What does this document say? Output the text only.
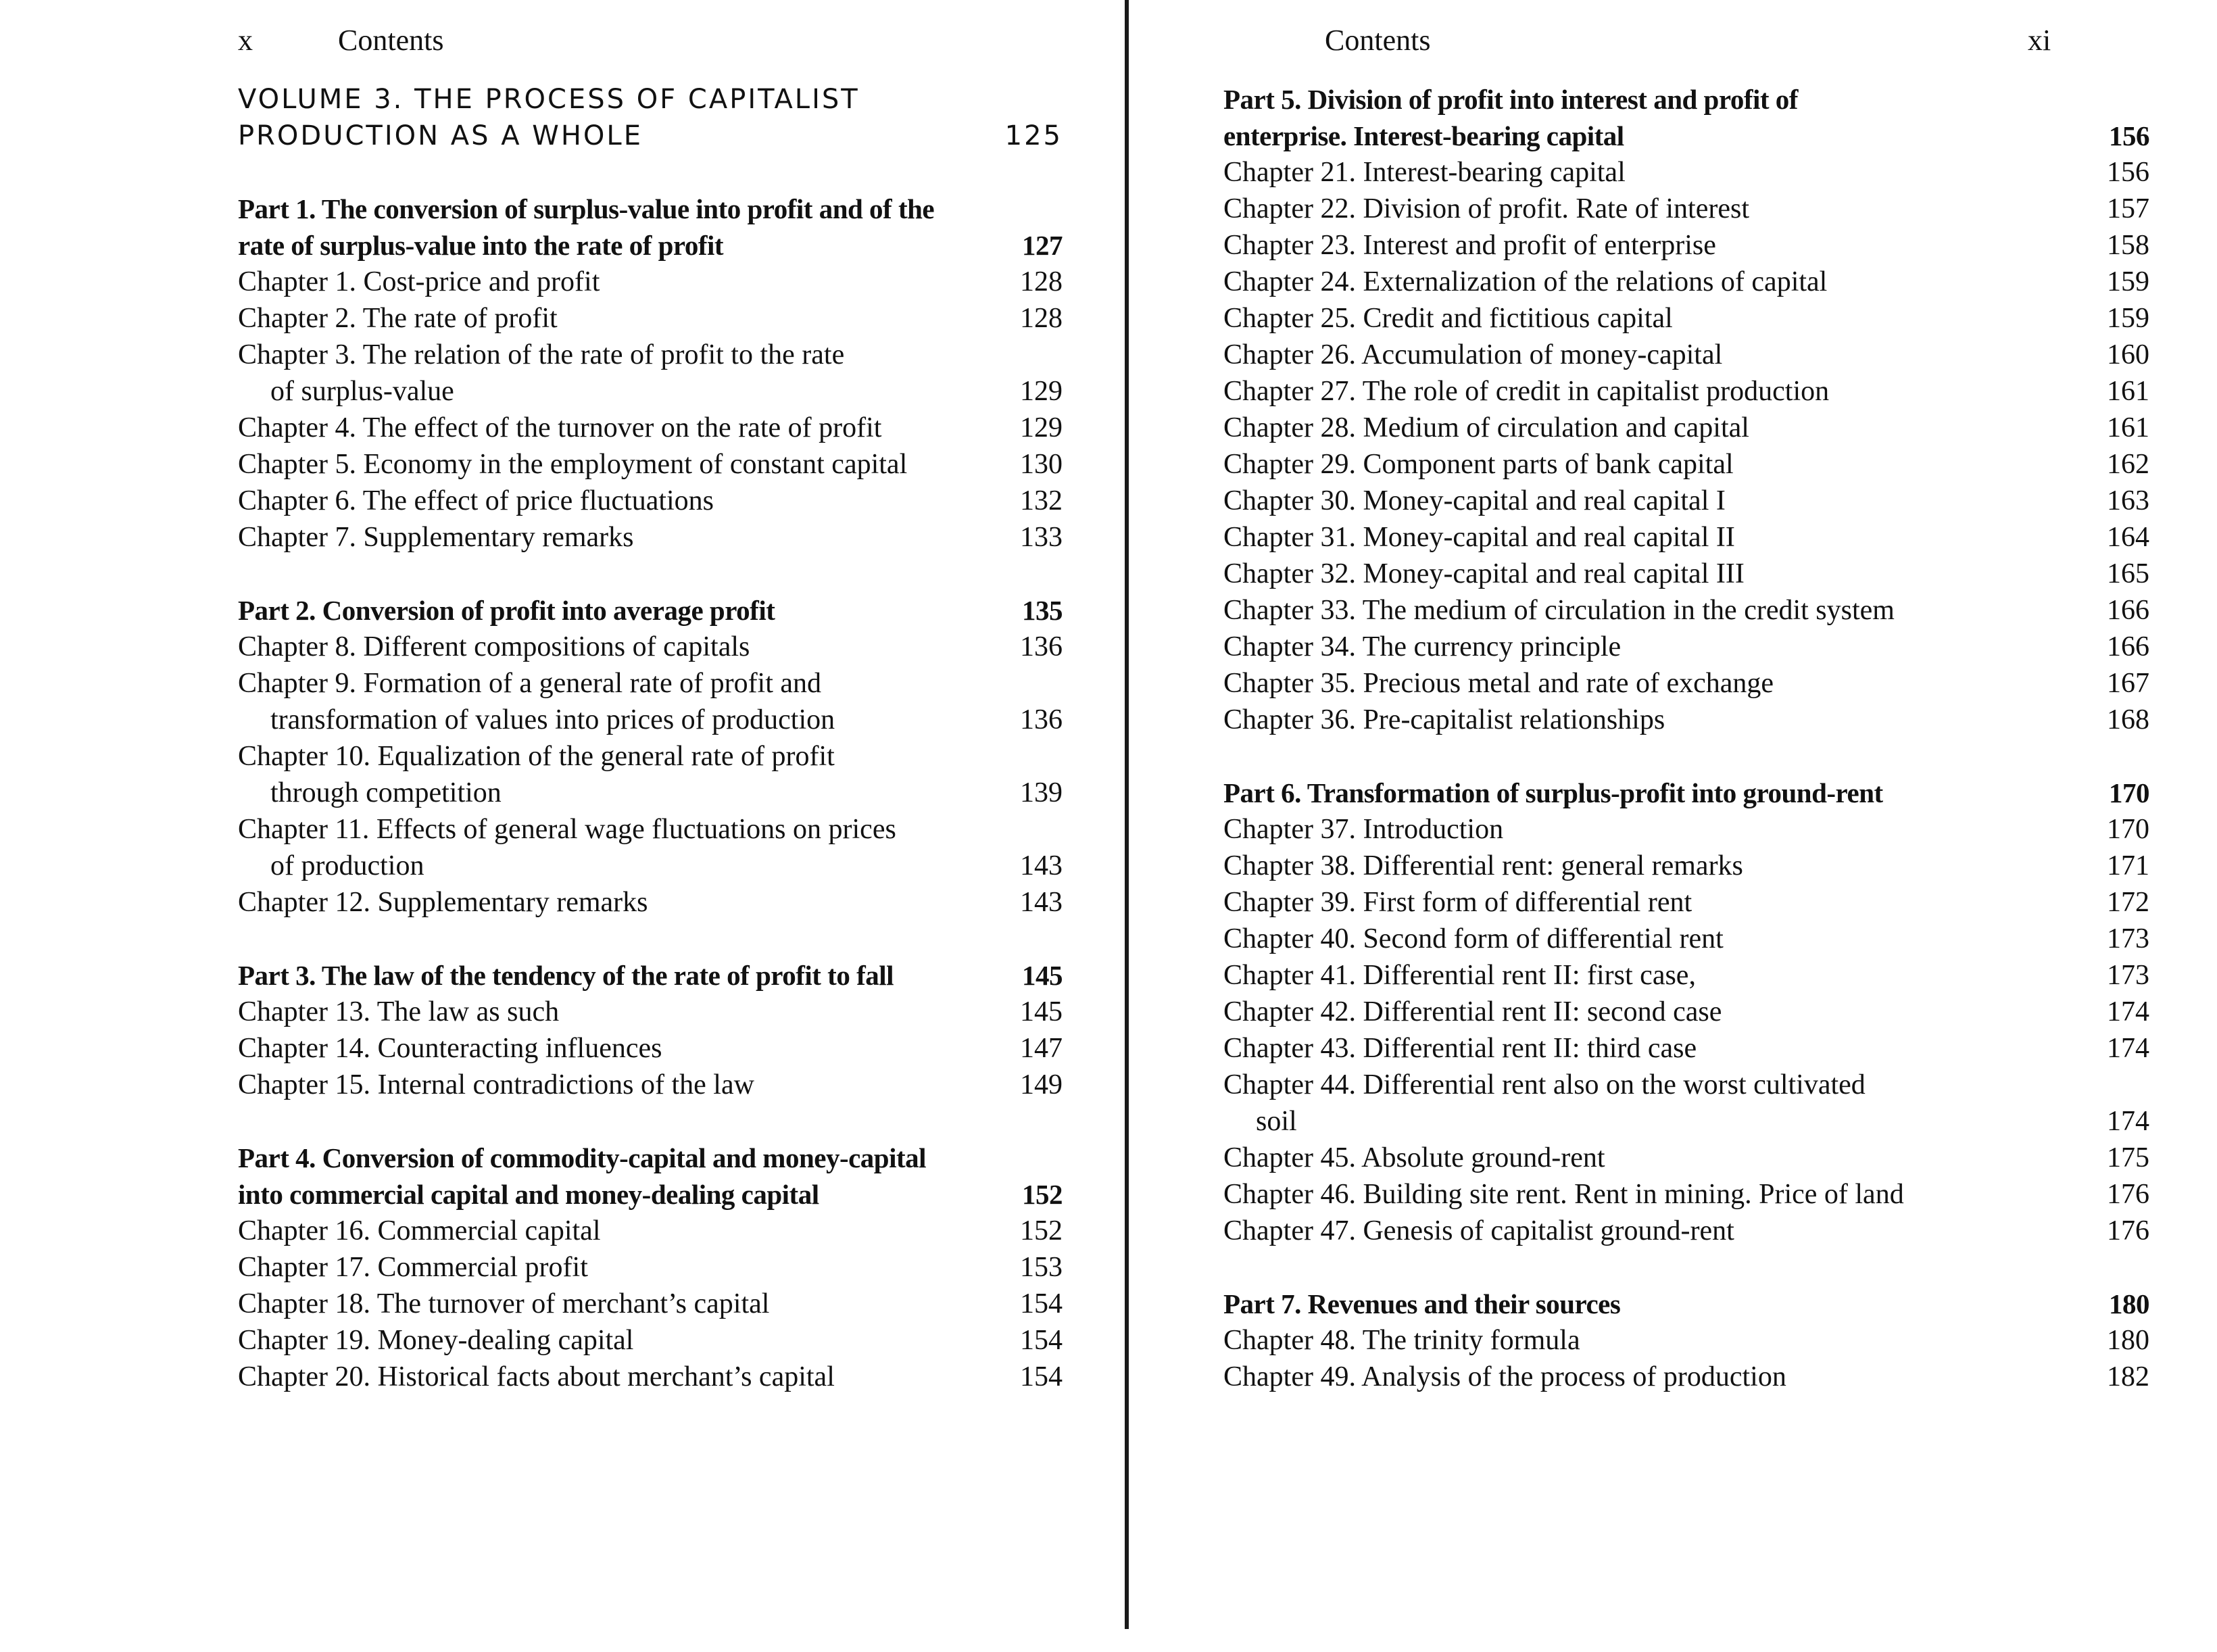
x	Contents
VOLUME 3. THE PROCESS OF CAPITALIST
PRODUCTION AS A WHOLE	125
Part 1. The conversion of surplus-value into profit and of the
rate of surplus-value into the rate of profit	127
Chapter 1. Cost-price and profit	128
Chapter 2. The rate of profit	128
Chapter 3. The relation of the rate of profit to the rate
of surplus-value	129
Chapter 4. The effect of the turnover on the rate of profit	129
Chapter 5. Economy in the employment of constant capital	130
Chapter 6. The effect of price fluctuations	132
Chapter 7. Supplementary remarks	133
Part 2. Conversion of profit into average profit	135
Chapter 8. Different compositions of capitals	136
Chapter 9. Formation of a general rate of profit and
transformation of values into prices of production	136
Chapter 10. Equalization of the general rate of profit
through competition	139
Chapter 11. Effects of general wage fluctuations on prices
of production	143
Chapter 12. Supplementary remarks	143
Part 3. The law of the tendency of the rate of profit to fall	145
Chapter 13. The law as such	145
Chapter 14. Counteracting influences	147
Chapter 15. Internal contradictions of the law	149
Part 4. Conversion of commodity-capital and money-capital
into commercial capital and money-dealing capital	152
Chapter 16. Commercial capital	152
Chapter 17. Commercial profit	153
Chapter 18. The turnover of merchant’s capital	154
Chapter 19. Money-dealing capital	154
Chapter 20. Historical facts about merchant’s capital	154
Contents	xi
Part 5. Division of profit into interest and profit of
enterprise. Interest-bearing capital	156
Chapter 21. Interest-bearing capital	156
Chapter 22. Division of profit. Rate of interest	157
Chapter 23. Interest and profit of enterprise	158
Chapter 24. Externalization of the relations of capital	159
Chapter 25. Credit and fictitious capital	159
Chapter 26. Accumulation of money-capital	160
Chapter 27. The role of credit in capitalist production	161
Chapter 28. Medium of circulation and capital	161
Chapter 29. Component parts of bank capital	162
Chapter 30. Money-capital and real capital I	163
Chapter 31. Money-capital and real capital II	164
Chapter 32. Money-capital and real capital III	165
Chapter 33. The medium of circulation in the credit system	166
Chapter 34. The currency principle	166
Chapter 35. Precious metal and rate of exchange	167
Chapter 36. Pre-capitalist relationships	168
Part 6. Transformation of surplus-profit into ground-rent	170
Chapter 37. Introduction	170
Chapter 38. Differential rent: general remarks	171
Chapter 39. First form of differential rent	172
Chapter 40. Second form of differential rent	173
Chapter 41. Differential rent II: first case,	173
Chapter 42. Differential rent II: second case	174
Chapter 43. Differential rent II: third case	174
Chapter 44. Differential rent also on the worst cultivated
soil	174
Chapter 45. Absolute ground-rent	175
Chapter 46. Building site rent. Rent in mining. Price of land	176
Chapter 47. Genesis of capitalist ground-rent	176
Part 7. Revenues and their sources	180
Chapter 48. The trinity formula	180
Chapter 49. Analysis of the process of production	182
